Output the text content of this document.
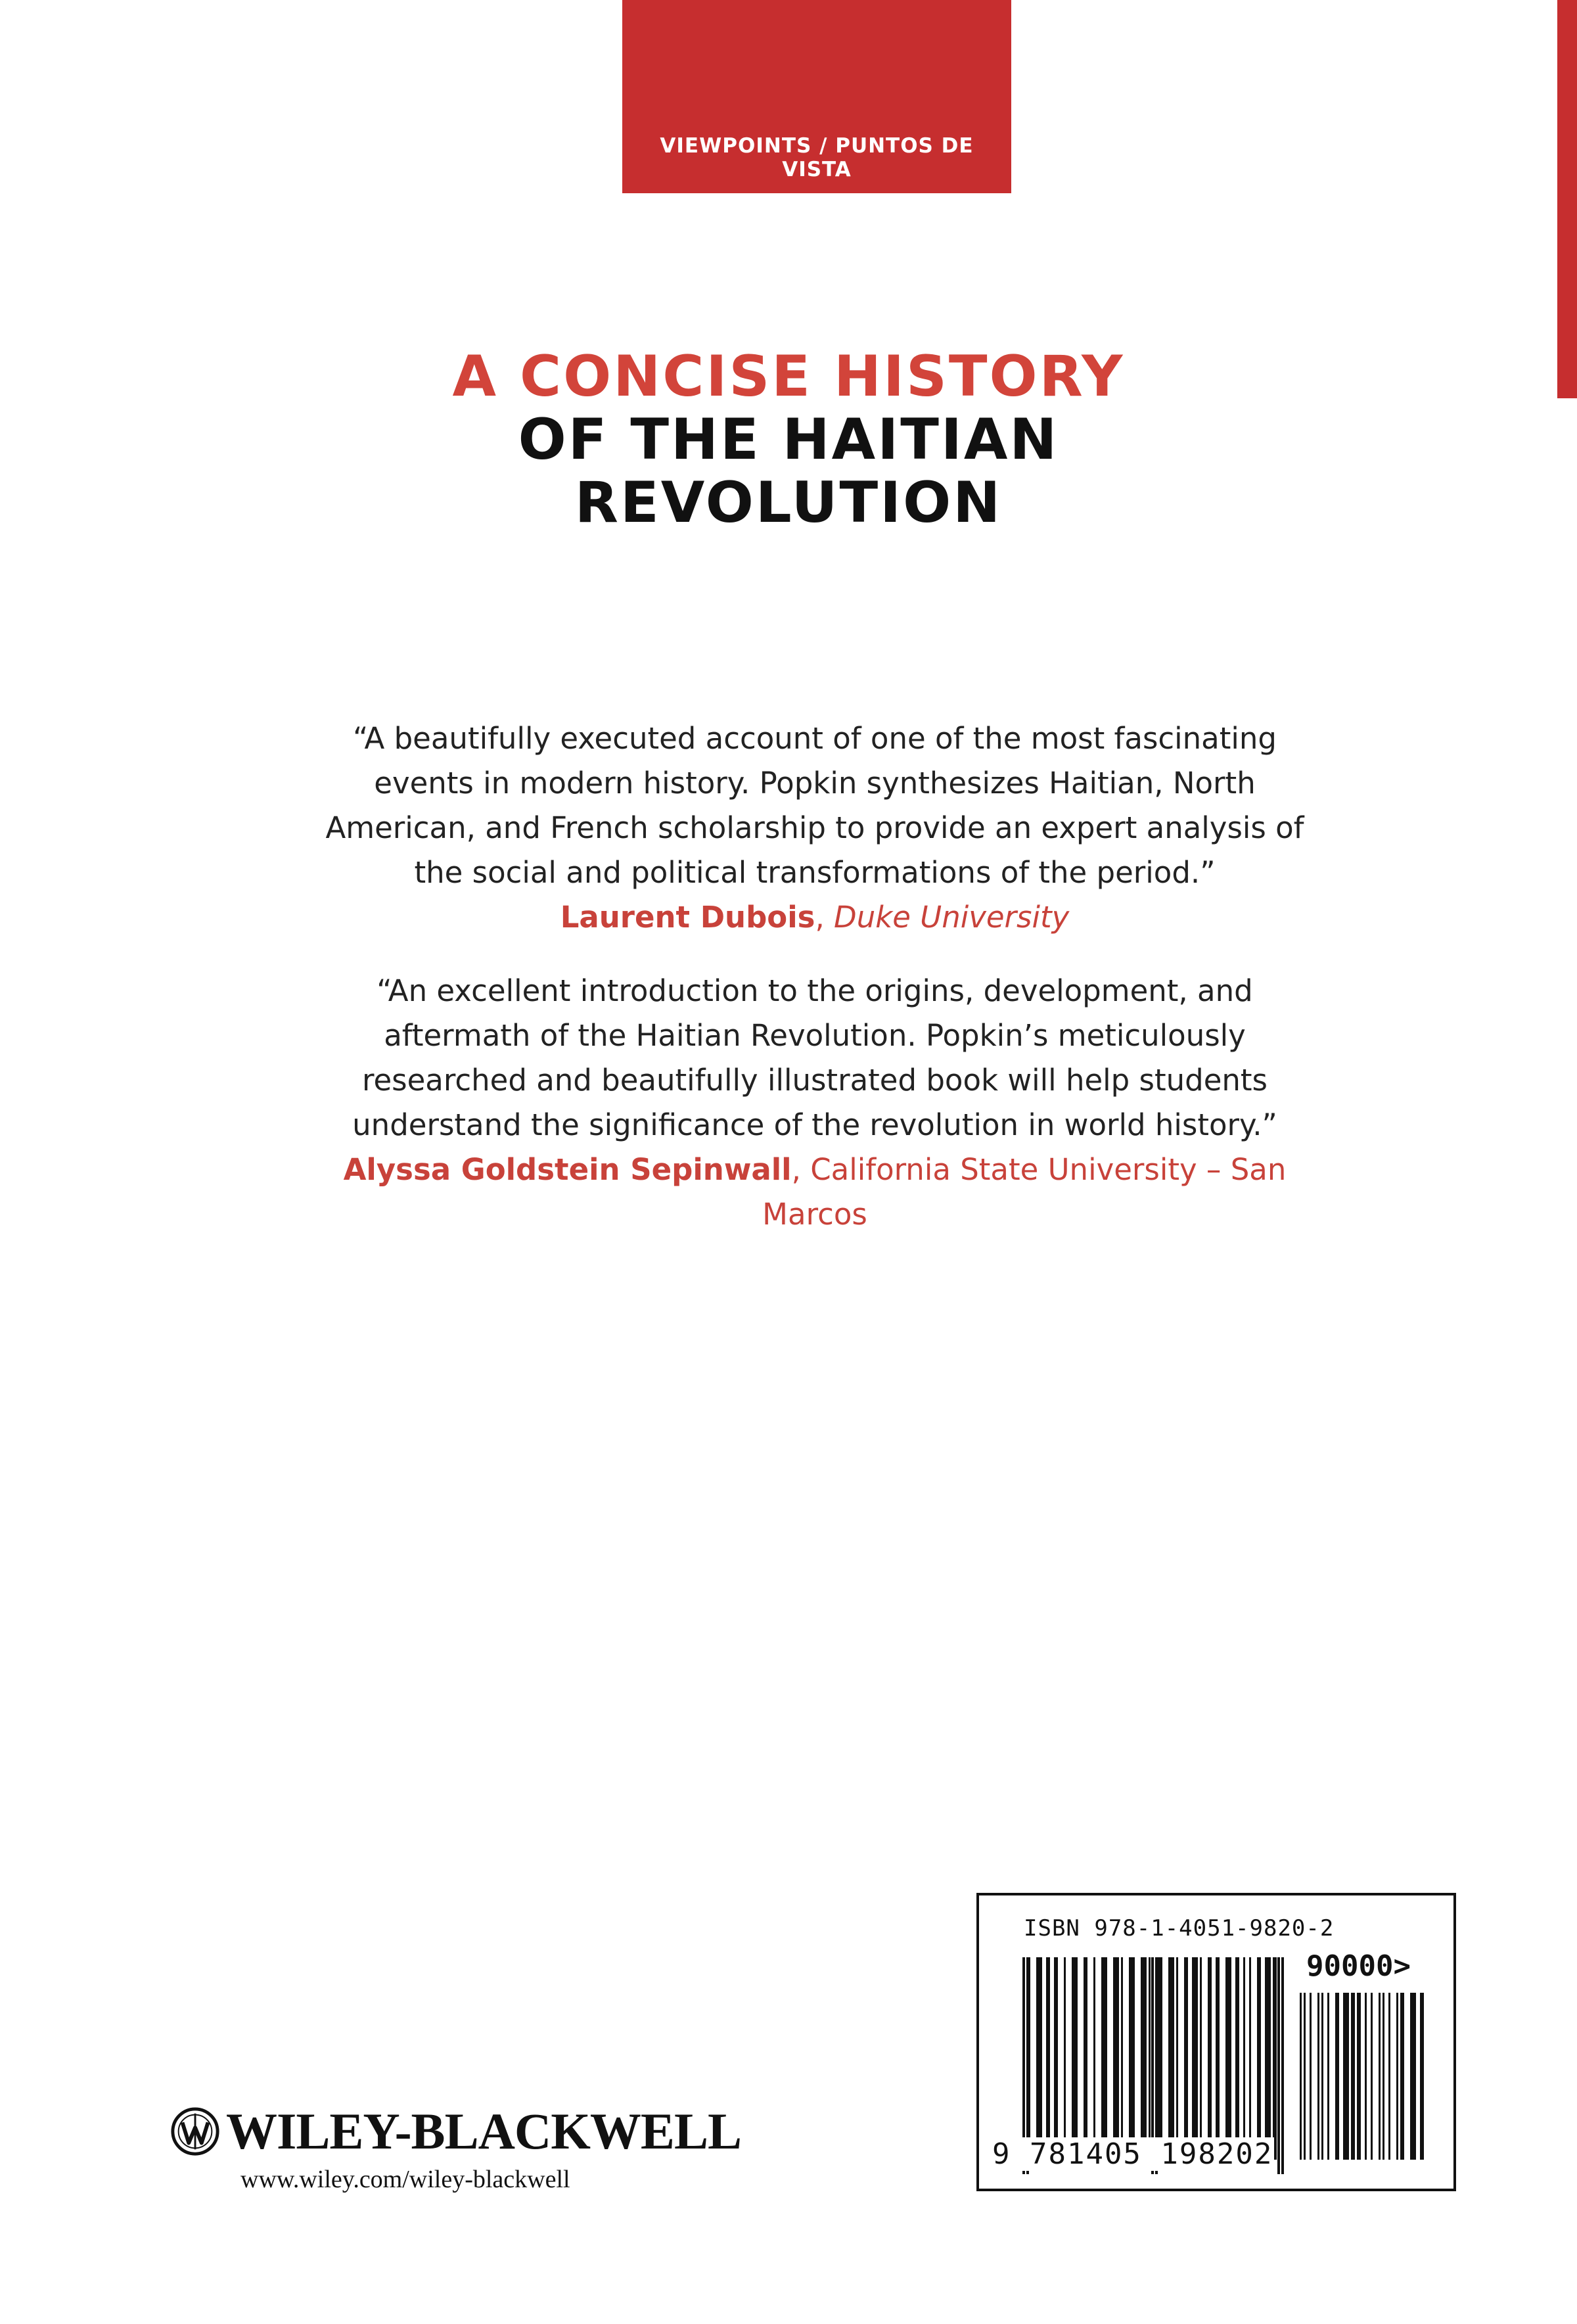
VIEWPOINTS / PUNTOS DE VISTA

A CONCISE HISTORY

OF THE HAITIAN

REVOLUTION

“A beautifully executed account of one of the most fascinating events in modern history. Popkin synthesizes Haitian, North American, and French scholarship to provide an expert analysis of the social and political transformations of the period.”

Laurent Dubois, Duke University

“An excellent introduction to the origins, development, and aftermath of the Haitian Revolution. Popkin’s meticulously researched and beautifully illustrated book will help students understand the significance of the revolution in world history.”

Alyssa Goldstein Sepinwall, California State University – San Marcos

WILEY-BLACKWELL
www.wiley.com/wiley-blackwell
ISBN 978-1-4051-9820-2
90000>
9 781405 198202
